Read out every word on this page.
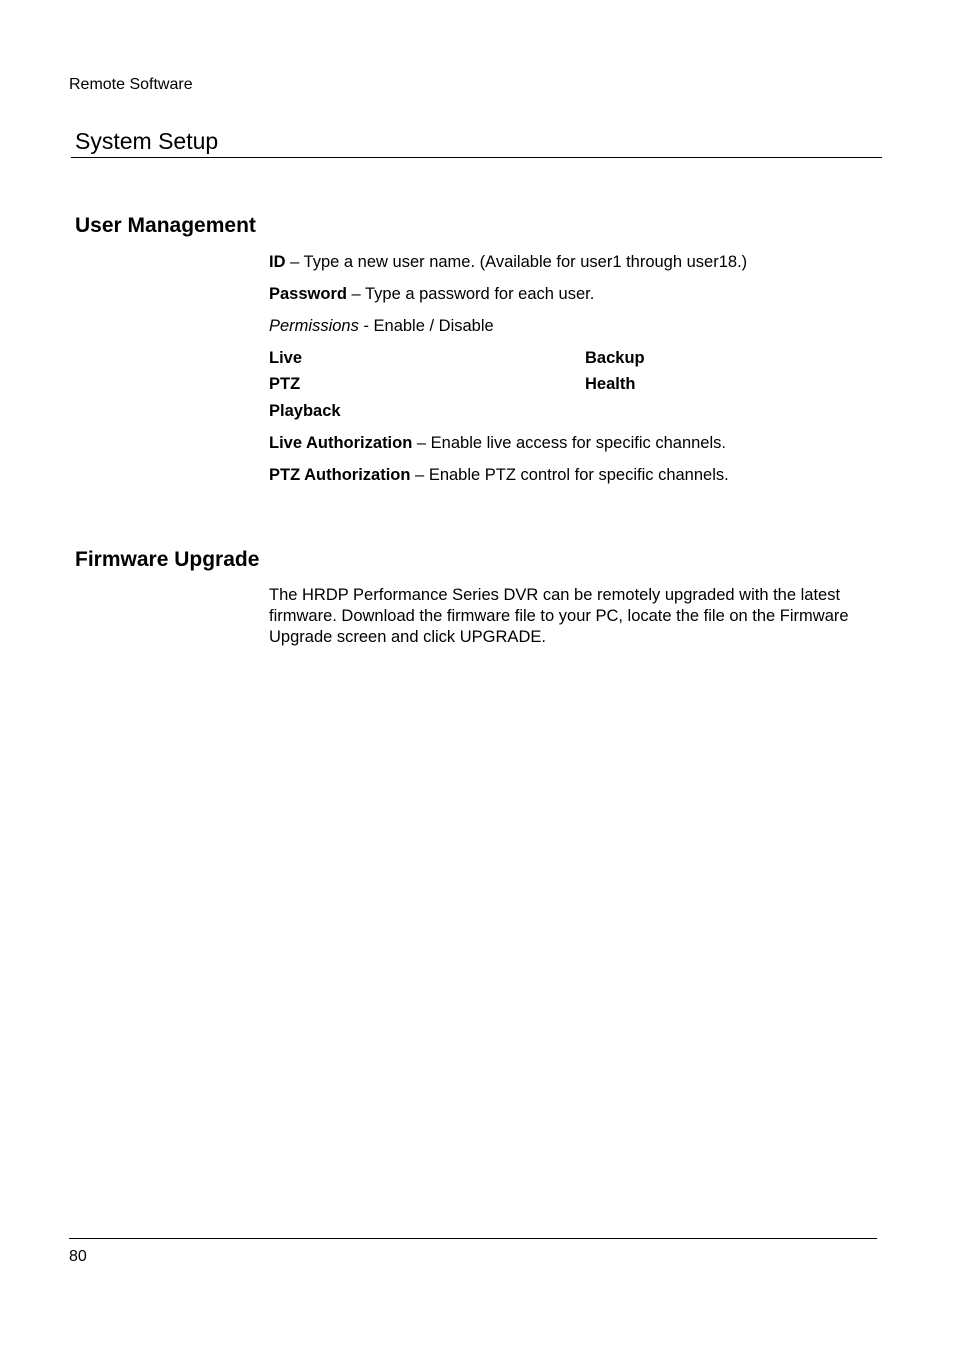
Remote Software
System Setup
User Management
ID – Type a new user name. (Available for user1 through user18.)
Password – Type a password for each user.
Permissions - Enable / Disable
Live	Backup
PTZ	Health
Playback
Live Authorization – Enable live access for specific channels.
PTZ Authorization – Enable PTZ control for specific channels.
Firmware Upgrade
The HRDP Performance Series DVR can be remotely upgraded with the latest
firmware. Download the firmware file to your PC, locate the file on the Firmware
Upgrade screen and click UPGRADE.
80
